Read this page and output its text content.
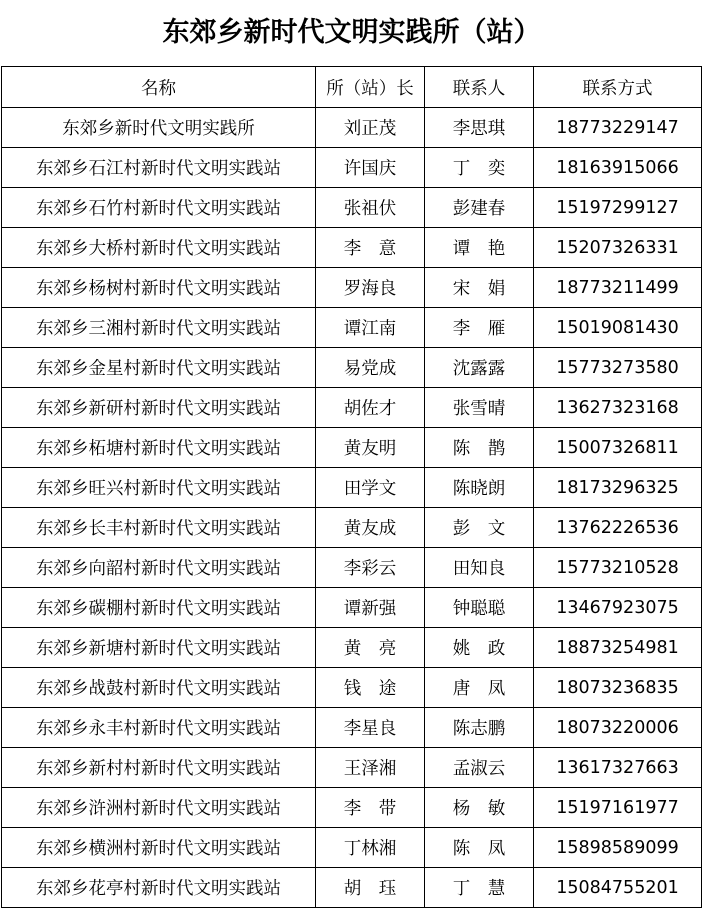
东郊乡新时代文明实践所（站）
名称	所（站）长	联系人	联系方式
东郊乡新时代文明实践所	刘正茂	李思琪	18773229147
东郊乡石江村新时代文明实践站	许国庆	丁　奕	18163915066
东郊乡石竹村新时代文明实践站	张祖伏	彭建春	15197299127
东郊乡大桥村新时代文明实践站	李　意	谭　艳	15207326331
东郊乡杨树村新时代文明实践站	罗海良	宋　娟	18773211499
东郊乡三湘村新时代文明实践站	谭江南	李　雁	15019081430
东郊乡金星村新时代文明实践站	易党成	沈露露	15773273580
东郊乡新研村新时代文明实践站	胡佐才	张雪晴	13627323168
东郊乡柘塘村新时代文明实践站	黄友明	陈　鹊	15007326811
东郊乡旺兴村新时代文明实践站	田学文	陈晓朗	18173296325
东郊乡长丰村新时代文明实践站	黄友成	彭　文	13762226536
东郊乡向韶村新时代文明实践站	李彩云	田知良	15773210528
东郊乡碳棚村新时代文明实践站	谭新强	钟聪聪	13467923075
东郊乡新塘村新时代文明实践站	黄　亮	姚　政	18873254981
东郊乡战鼓村新时代文明实践站	钱　途	唐　凤	18073236835
东郊乡永丰村新时代文明实践站	李星良	陈志鹏	18073220006
东郊乡新村村新时代文明实践站	王泽湘	孟淑云	13617327663
东郊乡浒洲村新时代文明实践站	李　带	杨　敏	15197161977
东郊乡横洲村新时代文明实践站	丁林湘	陈　凤	15898589099
东郊乡花亭村新时代文明实践站	胡　珏	丁　慧	15084755201
